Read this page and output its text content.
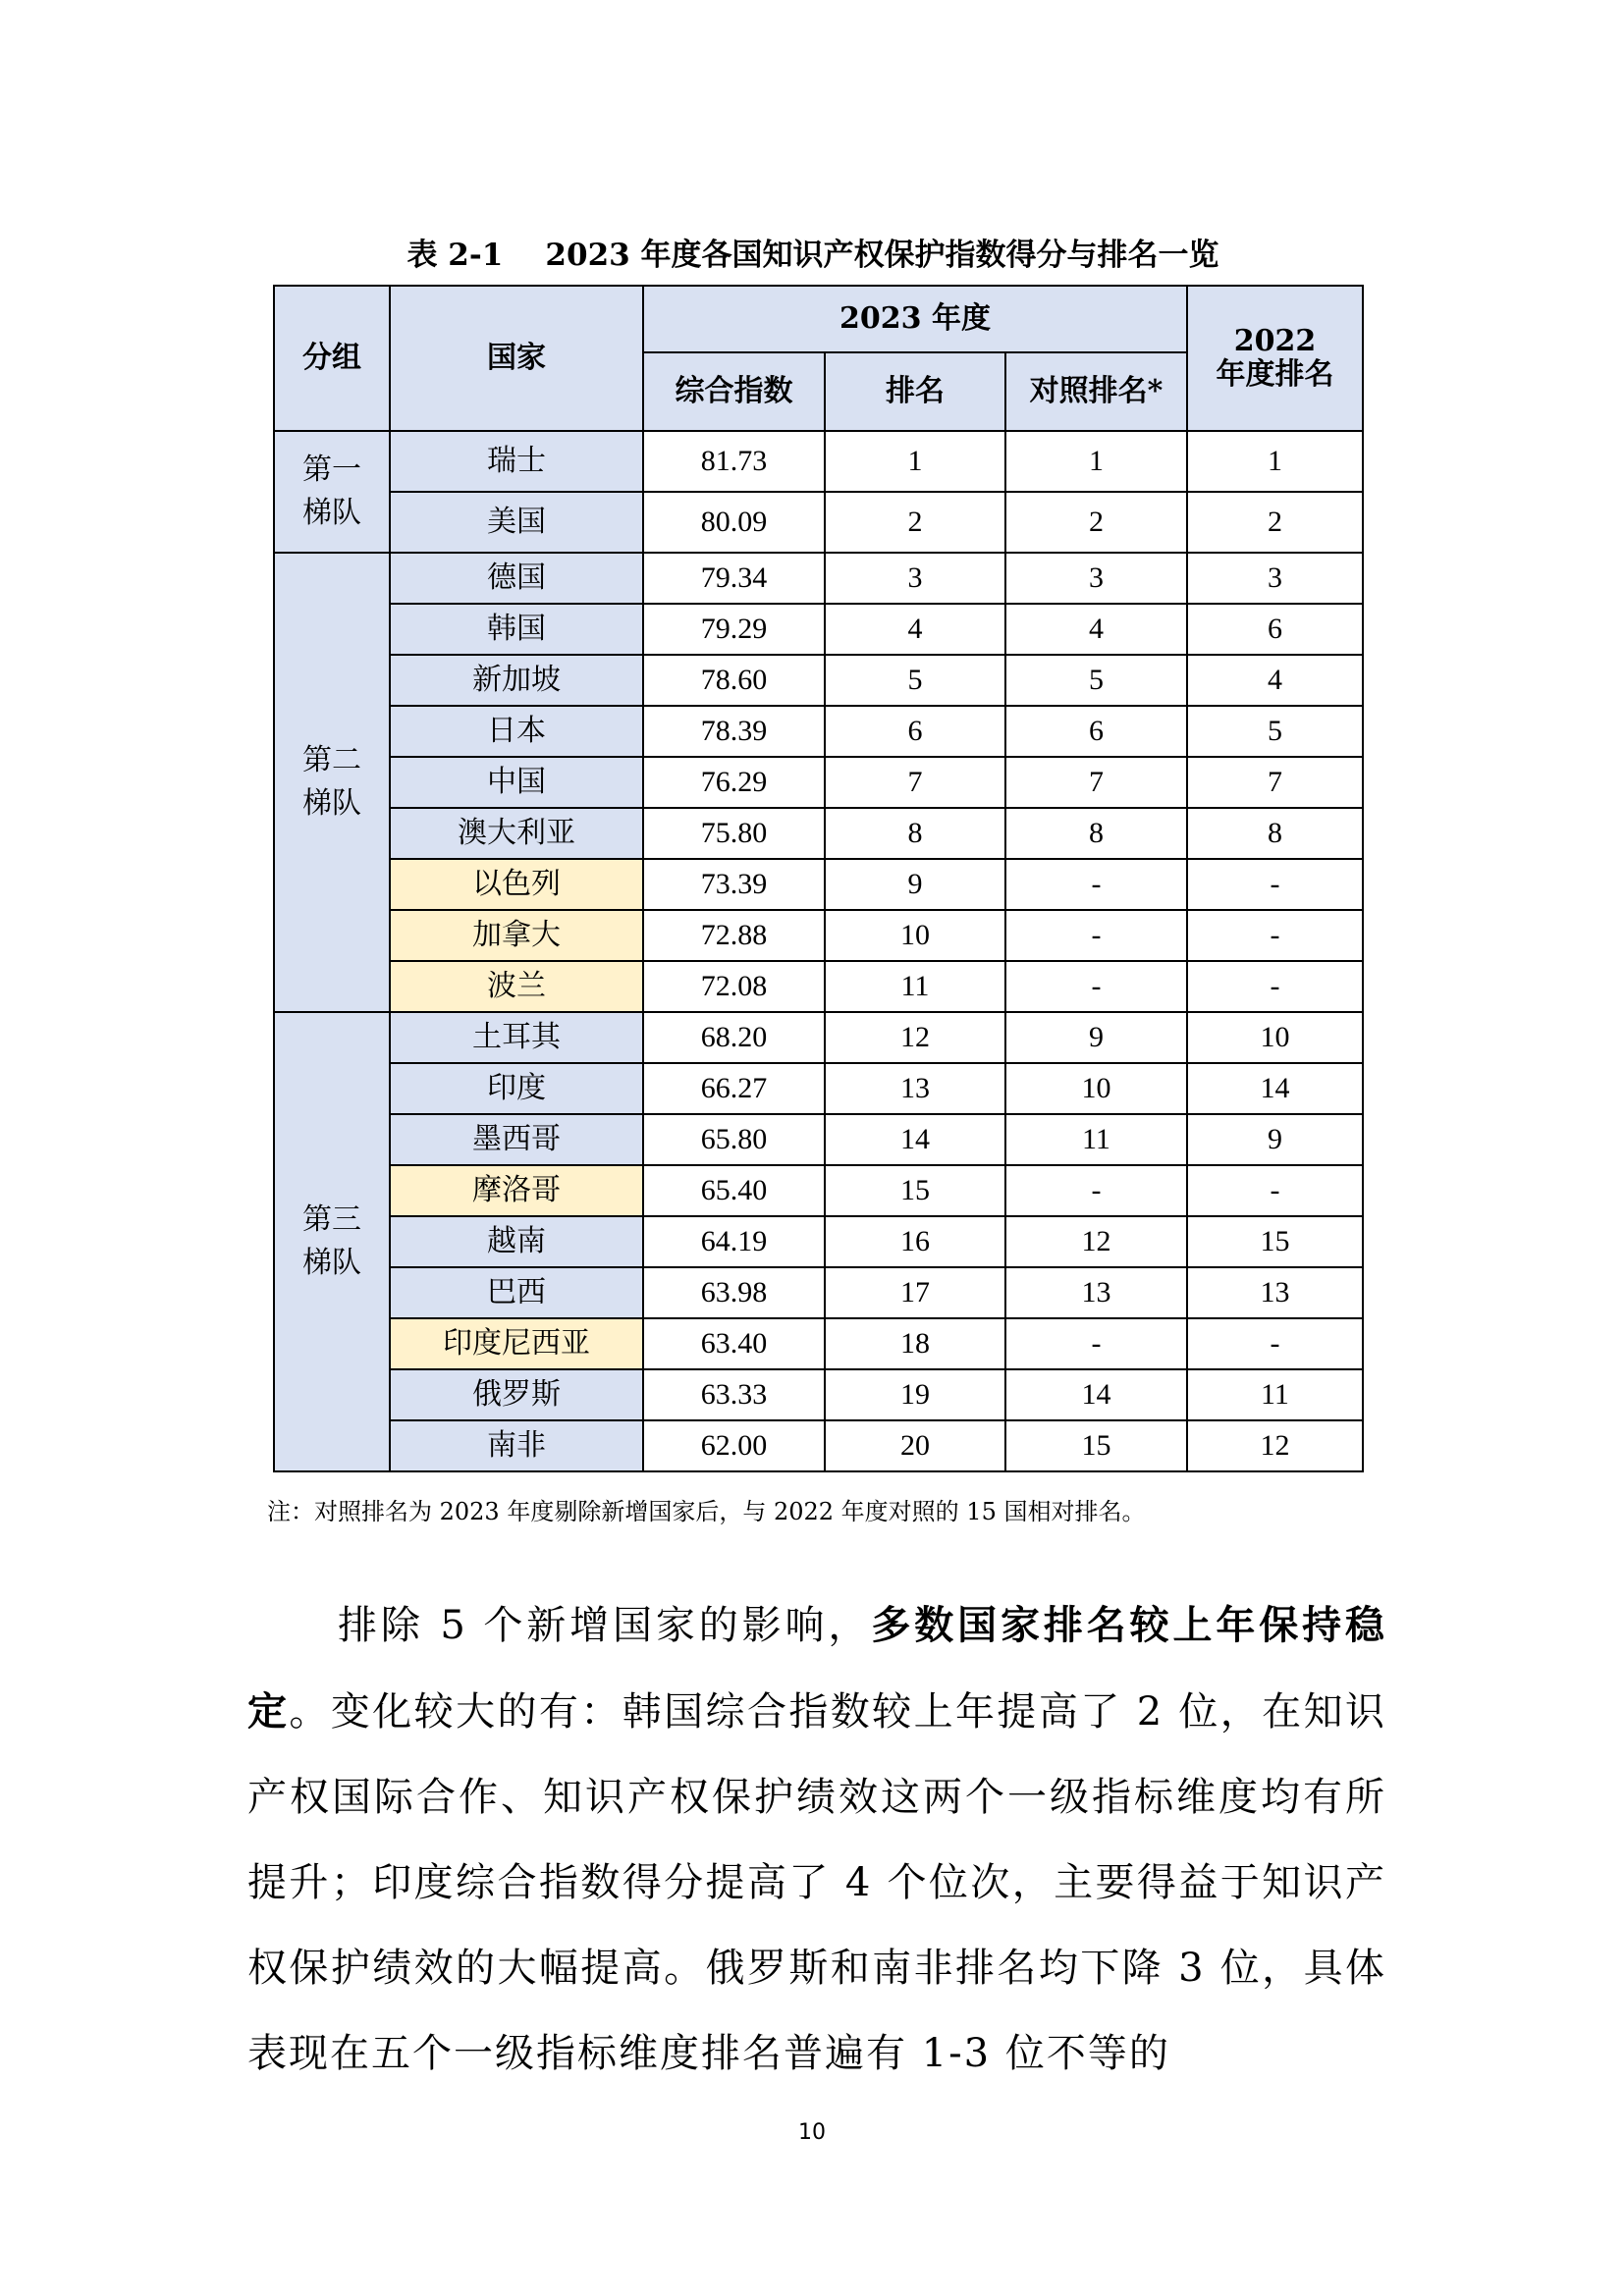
表 2-1    2023 年度各国知识产权保护指数得分与排名一览
分组	国家	2023 年度			2022 年度排名
		综合指数	排名	对照排名*	
第一梯队	瑞士	81.73	1	1	1
	美国	80.09	2	2	2
第二梯队	德国	79.34	3	3	3
	韩国	79.29	4	4	6
	新加坡	78.60	5	5	4
	日本	78.39	6	6	5
	中国	76.29	7	7	7
	澳大利亚	75.80	8	8	8
	以色列	73.39	9	-	-
	加拿大	72.88	10	-	-
	波兰	72.08	11	-	-
第三梯队	土耳其	68.20	12	9	10
	印度	66.27	13	10	14
	墨西哥	65.80	14	11	9
	摩洛哥	65.40	15	-	-
	越南	64.19	16	12	15
	巴西	63.98	17	13	13
	印度尼西亚	63.40	18	-	-
	俄罗斯	63.33	19	14	11
	南非	62.00	20	15	12
注：对照排名为 2023 年度剔除新增国家后，与 2022 年度对照的 15 国相对排名。
排除 5 个新增国家的影响，多数国家排名较上年保持稳定。变化较大的有：韩国综合指数较上年提高了 2 位，在知识产权国际合作、知识产权保护绩效这两个一级指标维度均有所提升；印度综合指数得分提高了 4 个位次，主要得益于知识产权保护绩效的大幅提高。俄罗斯和南非排名均下降 3 位，具体表现在五个一级指标维度排名普遍有 1-3 位不等的
10
